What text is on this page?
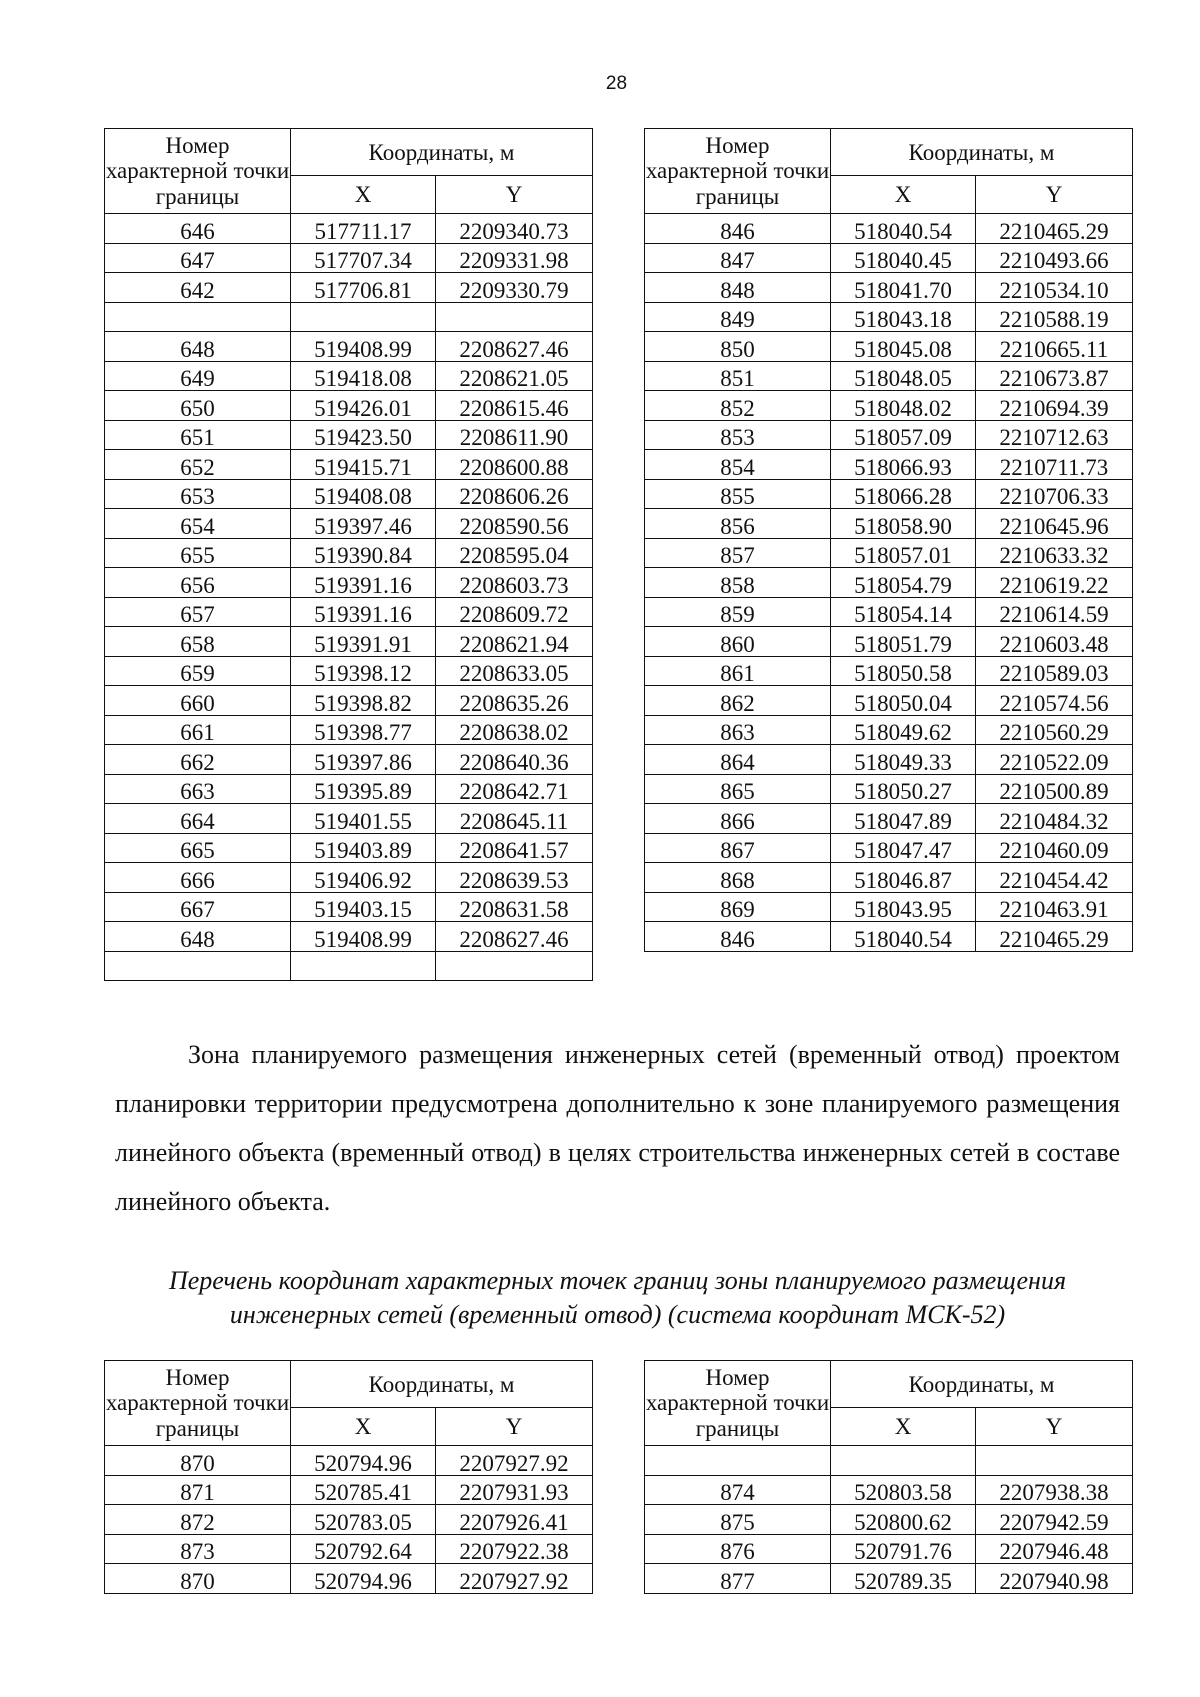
28
Номер характерной точки границы	Координаты, м	
	X	Y
646	517711.17	2209340.73
647	517707.34	2209331.98
642	517706.81	2209330.79

648	519408.99	2208627.46
649	519418.08	2208621.05
650	519426.01	2208615.46
651	519423.50	2208611.90
652	519415.71	2208600.88
653	519408.08	2208606.26
654	519397.46	2208590.56
655	519390.84	2208595.04
656	519391.16	2208603.73
657	519391.16	2208609.72
658	519391.91	2208621.94
659	519398.12	2208633.05
660	519398.82	2208635.26
661	519398.77	2208638.02
662	519397.86	2208640.36
663	519395.89	2208642.71
664	519401.55	2208645.11
665	519403.89	2208641.57
666	519406.92	2208639.53
667	519403.15	2208631.58
648	519408.99	2208627.46

Номер характерной точки границы	Координаты, м	
	X	Y
846	518040.54	2210465.29
847	518040.45	2210493.66
848	518041.70	2210534.10
849	518043.18	2210588.19
850	518045.08	2210665.11
851	518048.05	2210673.87
852	518048.02	2210694.39
853	518057.09	2210712.63
854	518066.93	2210711.73
855	518066.28	2210706.33
856	518058.90	2210645.96
857	518057.01	2210633.32
858	518054.79	2210619.22
859	518054.14	2210614.59
860	518051.79	2210603.48
861	518050.58	2210589.03
862	518050.04	2210574.56
863	518049.62	2210560.29
864	518049.33	2210522.09
865	518050.27	2210500.89
866	518047.89	2210484.32
867	518047.47	2210460.09
868	518046.87	2210454.42
869	518043.95	2210463.91
846	518040.54	2210465.29

Зона планируемого размещения инженерных сетей (временный отвод) проектом планировки территории предусмотрена дополнительно к зоне планируемого размещения линейного объекта (временный отвод) в целях строительства инженерных сетей в составе линейного объекта.

Перечень координат характерных точек границ зоны планируемого размещения
инженерных сетей (временный отвод) (система координат МСК-52)
Номер характерной точки границы	Координаты, м	
	X	Y
870	520794.96	2207927.92
871	520785.41	2207931.93
872	520783.05	2207926.41
873	520792.64	2207922.38
870	520794.96	2207927.92
Номер характерной точки границы	Координаты, м	
	X	Y

874	520803.58	2207938.38
875	520800.62	2207942.59
876	520791.76	2207946.48
877	520789.35	2207940.98
